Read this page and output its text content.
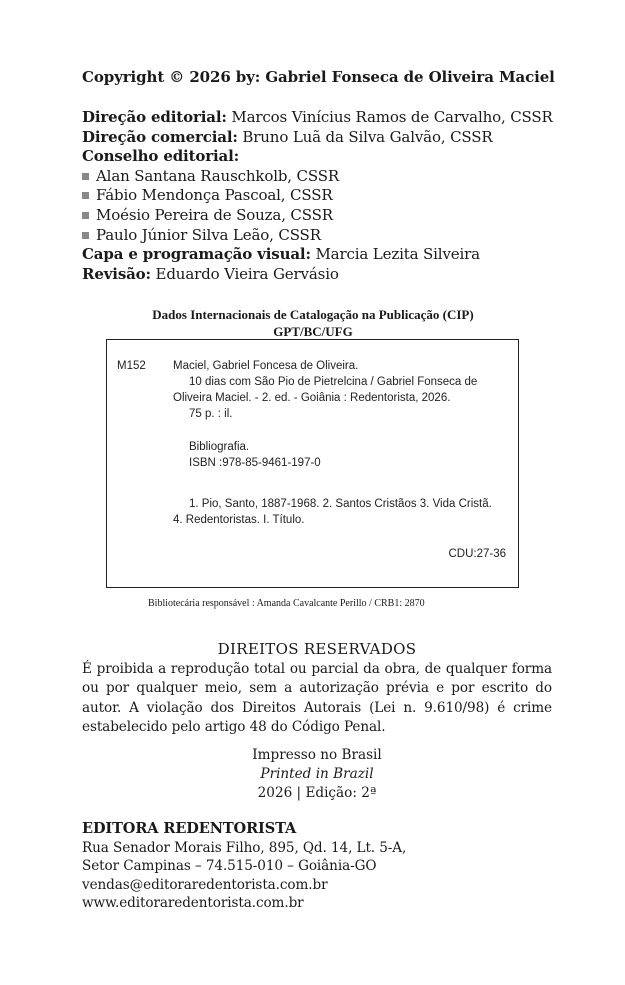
Copyright © 2026 by: Gabriel Fonseca de Oliveira Maciel
Direção editorial: Marcos Vinícius Ramos de Carvalho, CSSR
Direção comercial: Bruno Luã da Silva Galvão, CSSR
Conselho editorial:
Alan Santana Rauschkolb, CSSR
Fábio Mendonça Pascoal, CSSR
Moésio Pereira de Souza, CSSR
Paulo Júnior Silva Leão, CSSR
Capa e programação visual: Marcia Lezita Silveira
Revisão: Eduardo Vieira Gervásio
Dados Internacionais de Catalogação na Publicação (CIP)
GPT/BC/UFG
M152 Maciel, Gabriel Foncesa de Oliveira.
10 dias com São Pio de Pietrelcina / Gabriel Fonseca de
Oliveira Maciel. - 2. ed. - Goiânia : Redentorista, 2026.
75 p. : il.
Bibliografia.
ISBN :978-85-9461-197-0
1. Pio, Santo, 1887-1968. 2. Santos Cristãos 3. Vida Cristã.
4. Redentoristas. I. Título.
CDU:27-36
Bibliotecária responsável : Amanda Cavalcante Perillo / CRB1: 2870
DIREITOS RESERVADOS
É proibida a reprodução total ou parcial da obra, de qualquer forma ou por qualquer meio, sem a autorização prévia e por escrito do autor. A violação dos Direitos Autorais (Lei n. 9.610/98) é crime estabelecido pelo artigo 48 do Código Penal.
Impresso no Brasil
Printed in Brazil
2026 | Edição: 2ª
EDITORA REDENTORISTA
Rua Senador Morais Filho, 895, Qd. 14, Lt. 5-A,
Setor Campinas – 74.515-010 – Goiânia-GO
vendas@editoraredentorista.com.br
www.editoraredentorista.com.br
